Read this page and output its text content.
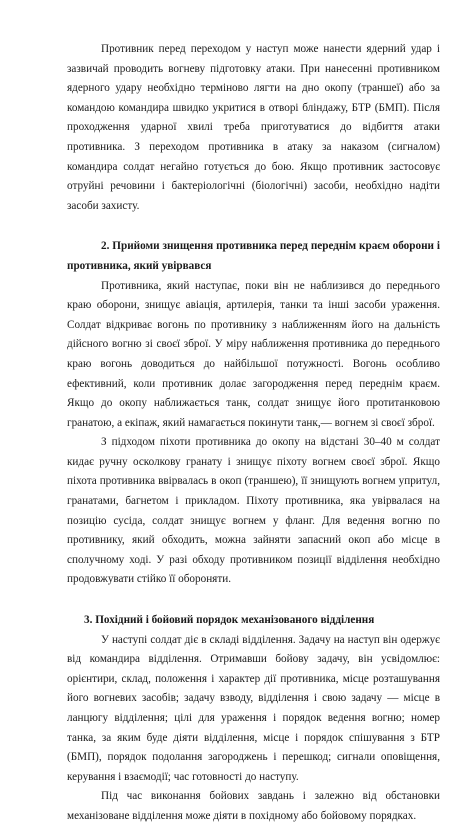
Противник перед переходом у наступ може нанести ядерний удар і зазвичай проводить вогневу підготовку атаки. При нанесенні противником ядерного удару необхідно терміново лягти на дно окопу (траншеї) або за командою командира швидко укритися в отворі бліндажу, БТР (БМП). Після проходження ударної хвилі треба приготуватися до відбиття атаки противника. З переходом противника в атаку за наказом (сигналом) командира солдат негайно готується до бою. Якщо противник застосовує отруйні речовини і бактеріологічні (біологічні) засоби, необхідно надіти засоби захисту.

2. Прийоми знищення противника перед переднім краєм оборони і противника, який увірвався

Противника, який наступає, поки він не наблизився до переднього краю оборони, знищує авіація, артилерія, танки та інші засоби ураження. Солдат відкриває вогонь по противнику з наближенням його на дальність дійсного вогню зі своєї зброї. У міру наближення противника до переднього краю вогонь доводиться до найбільшої потужності. Вогонь особливо ефективний, коли противник долає загородження перед переднім краєм. Якщо до окопу наближається танк, солдат знищує його протитанковою гранатою, а екіпаж, який намагається покинути танк,— вогнем зі своєї зброї.

З підходом піхоти противника до окопу на відстані 30–40 м солдат кидає ручну осколкову гранату і знищує піхоту вогнем своєї зброї. Якщо піхота противника ввірвалась в окоп (траншею), її знищують вогнем упритул, гранатами, багнетом і прикладом. Піхоту противника, яка увірвалася на позицію сусіда, солдат знищує вогнем у фланг. Для ведення вогню по противнику, який обходить, можна зайняти запасний окоп або місце в сполучному ході. У разі обходу противником позиції відділення необхідно продовжувати стійко її обороняти.

3. Похідний і бойовий порядок механізованого відділення

У наступі солдат діє в складі відділення. Задачу на наступ він одержує від командира відділення. Отримавши бойову задачу, він усвідомлює: орієнтири, склад, положення і характер дії противника, місце розташування його вогневих засобів; задачу взводу, відділення і свою задачу — місце в ланцюгу відділення; цілі для ураження і порядок ведення вогню; номер танка, за яким буде діяти відділення, місце і порядок спішування з БТР (БМП), порядок подолання загороджень і перешкод; сигнали оповіщення, керування і взаємодії; час готовності до наступу.

Під час виконання бойових завдань і залежно від обстановки механізоване відділення може діяти в похідному або бойовому порядках.
